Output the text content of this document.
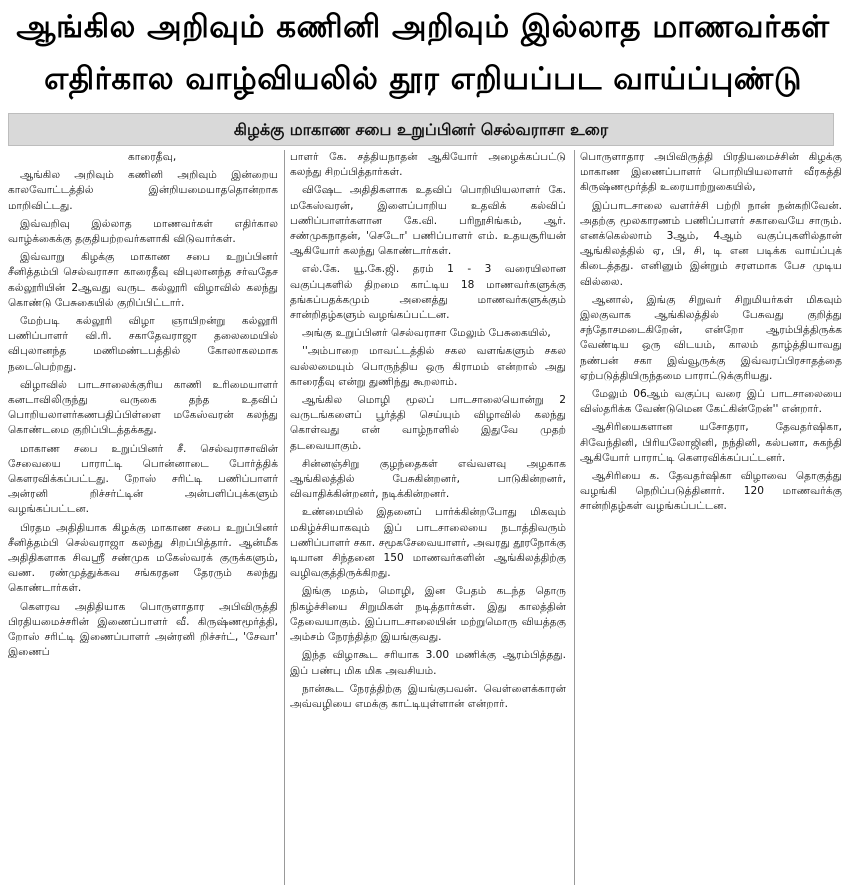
ஆங்கில அறிவும் கணினி அறிவும் இல்லாத மாணவர்கள்
எதிர்கால வாழ்வியலில் தூர எறியப்பட வாய்ப்புண்டு
கிழக்கு மாகாண சபை உறுப்பினர் செல்வராசா உரை

காரைதீவு,

ஆங்கில அறிவும் கணினி அறிவும் இன்றைய காலவோட்டத்தில் இன்றியமையாததொன்றாக மாறிவிட்டது.

இவ்வறிவு இல்லாத மாணவர்கள் எதிர்கால வாழ்க்கைக்கு தகுதியற்றவர்களாகி விடுவார்கள்.

இவ்வாறு கிழக்கு மாகாண சபை உறுப்பினர் சீனித்தம்பி செல்வராசா காரைதீவு விபுலானந்த சர்வதேச கல்லூரியின் 2ஆவது வருட கல்லூரி விழாவில் கலந்து கொண்டு பேசுகையில் குறிப்பிட்டார்.

மேற்படி கல்லூரி விழா ஞாயிறன்று கல்லூரி பணிப்பாளர் வி.ரி. சகாதேவராஜா தலைமையில் விபுலானந்த மணிமண்டபத்தில் கோலாகலமாக நடைபெற்றது.

விழாவில் பாடசாலைக்குரிய காணி உரிமையாளர் கனடாவிலிருந்து வருகை தந்த உதவிப் பொறியலாளர்கணபதிப்பிள்ளை மகேஸ்வரன் கலந்து கொண்டமை குறிப்பிடத்தக்கது.

மாகாண சபை உறுப்பினர் சீ. செல்வராசாவின் சேவையை பாராட்டி பொன்னாடை போர்த்திக் கௌரவிக்கப்பட்டது. றோஸ் சரிட்டி பணிப்பாளர் அன்ரனி றிச்சர்ட்டின் அன்பளிப்புக்களும் வழங்கப்பட்டன.

பிரதம அதிதியாக கிழக்கு மாகாண சபை உறுப்பினர் சீனித்தம்பி செல்வராஜா கலந்து சிறப்பித்தார். ஆன்மீக அதிதிகளாக சிவஸ்ரீ சண்முக மகேஸ்வரக் குருக்களும், வண. ரண்முத்துக்கவ சங்கரதன தேரரும் கலந்து கொண்டார்கள்.

கௌரவ அதிதியாக பொருளாதார அபிவிருத்தி பிரதியமைச்சரின் இணைப்பாளர் வீ. கிருஷ்ணமூர்த்தி, றோஸ் சரிட்டி இணைப்பாளர் அன்ரனி றிச்சர்ட், 'சேவா' இணைப்

பாளர் கே. சத்தியநாதன் ஆகியோர் அழைக்கப்பட்டு கலந்து சிறப்பித்தார்கள்.

விஷேட அதிதிகளாக உதவிப் பொறியியலாளர் கே. மகேஸ்வரன், இளைப்பாறிய உதவிக் கல்விப் பணிப்பாளர்களான கே.வி. பரிநூசிங்கம், ஆர். சண்முகநாதன், 'செடோ' பணிப்பாளர் எம். உதயசூரியன் ஆகியோர் கலந்து கொண்டார்கள்.

எல்.கே. யூ.கே.ஜி. தரம் 1 - 3 வரையிலான வகுப்புகளில் திறமை காட்டிய 18 மாணவர்களுக்கு தங்கப்பதக்கமும் அனைத்து மாணவர்களுக்கும் சான்றிதழ்களும் வழங்கப்பட்டன.

அங்கு உறுப்பினர் செல்வராசா மேலும் பேசுகையில்,

''அம்பாறை மாவட்டத்தில் சகல வளங்களும் சகல வல்லமையும் பொருந்திய ஒரு கிராமம் என்றால் அது காரைதீவு என்று துணிந்து கூறலாம்.

ஆங்கில மொழி மூலப் பாடசாலையொன்று 2 வருடங்களைப் பூர்த்தி செய்யும் விழாவில் கலந்து கொள்வது என் வாழ்நாளில் இதுவே முதற் தடவையாகும்.

சின்னஞ்சிறு குழந்தைகள் எவ்வளவு அழகாக ஆங்கிலத்தில் பேசுகின்றனர், பாடுகின்றனர், விவாதிக்கின்றனர், நடிக்கின்றனர்.

உண்மையில் இதனைப் பார்க்கின்றபோது மிகவும் மகிழ்ச்சியாகவும் இப் பாடசாலையை நடாத்திவரும் பணிப்பாளர் சகா. சமூகசேவையாளர், அவரது தூரநோக்கு டியான சிந்தனை 150 மாணவர்களின் ஆங்கிலத்திற்கு வழிவகுத்திருக்கிறது.

இங்கு மதம், மொழி, இன பேதம் கடந்த தொரு நிகழ்ச்சியை சிறுமிகள் நடித்தார்கள். இது காலத்தின் தேவையாகும். இப்பாடசாலையின் மற்றுமொரு வியத்தகு அம்சம் நேரந்தித்ற இயங்குவது.

இந்த விழாகூட சரியாக 3.00 மணிக்கு ஆரம்பித்தது. இப் பண்பு மிக மிக அவசியம்.

நான்கூட நேரத்திற்கு இயங்குபவன். வெள்ளைக்காரன் அவ்வழியை எமக்கு காட்டியுள்ளான் என்றார்.

பொருளாதார அபிவிருத்தி பிரதியமைச்சின் கிழக்கு மாகாண இணைப்பாளர் பொறியியலாளர் வீரகத்தி கிருஷ்ணமூர்த்தி உரையாற்றுகையில்,

இப்பாடசாலை வளர்ச்சி பற்றி நான் நன்கறிவேன். அதற்கு மூலகாரணம் பணிப்பாளர் சகாவையே சாரும். எனக்கெல்லாம் 3ஆம், 4ஆம் வகுப்புகளில்தான் ஆங்கிலத்தில் ஏ, பி, சி, டி என படிக்க வாய்ப்புக் கிடைத்தது. எனினும் இன்றும் சரளமாக பேச முடிய வில்லை.

ஆனால், இங்கு சிறுவர் சிறுமியர்கள் மிகவும் இலகுவாக ஆங்கிலத்தில் பேசுவது குறித்து சந்தோசமடைகிறேன், என்றோ ஆரம்பித்திருக்க வேண்டிய ஒரு விடயம், காலம் தாழ்த்தியாவது நண்பன் சகா இவ்வூருக்கு இவ்வரப்பிரசாதத்தை ஏற்படுத்தியிருந்தமை பாராட்டுக்குரியது.

மேலும் 06ஆம் வகுப்பு வரை இப் பாடசாலையை விஸ்தரிக்க வேண்டுமென கேட்கின்றேன்'' என்றார்.

ஆசிரியைகளான யசோதரா, தேவதர்ஷிகா, சிவேந்தினி, பிரியலோஜினி, நந்தினி, கல்பனா, சுகந்தி ஆகியோர் பாராட்டி கௌரவிக்கப்பட்டனர்.

ஆசிரியை க. தேவதர்ஷிகா விழாவை தொகுத்து வழங்கி நெறிப்படுத்தினார். 120 மாணவர்க்கு சான்றிதழ்கள் வழங்கப்பட்டன.
